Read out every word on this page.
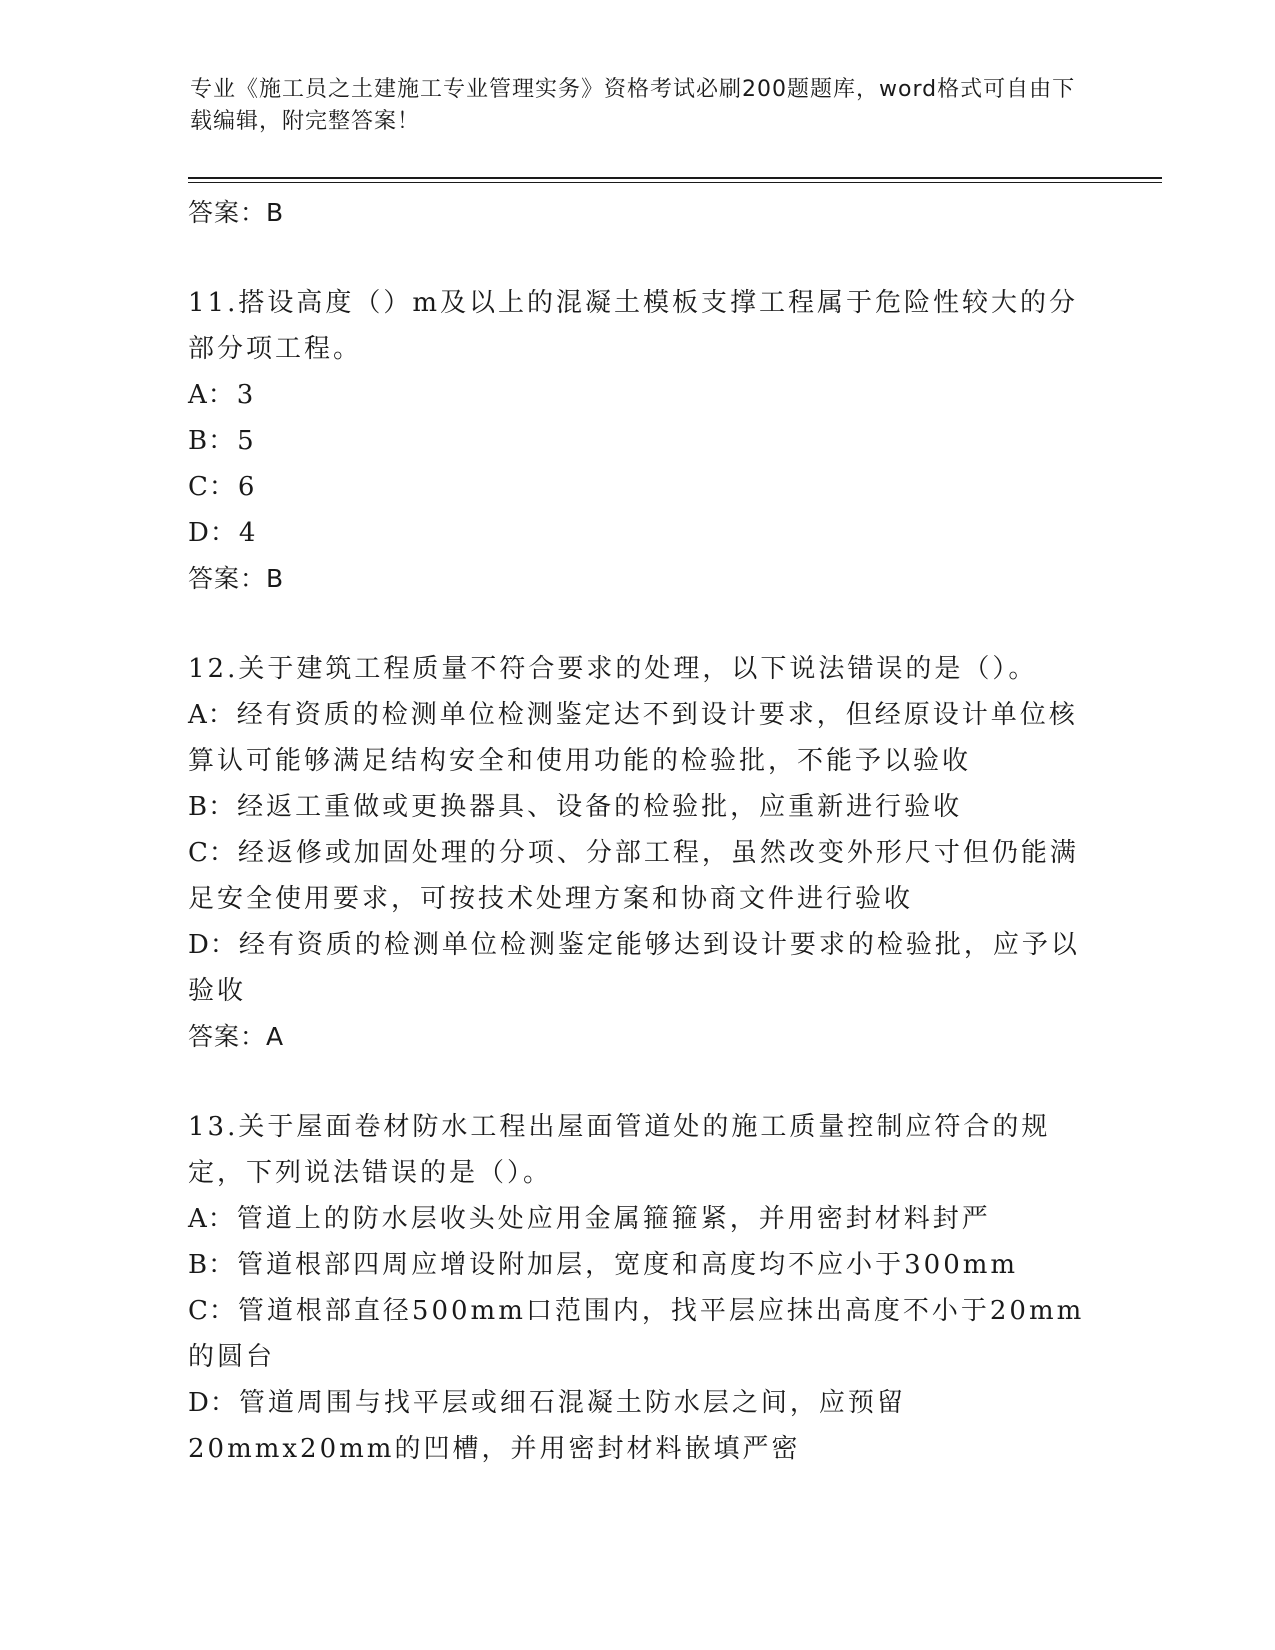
专业《施工员之土建施工专业管理实务》资格考试必刷200题题库，word格式可自由下载编辑，附完整答案！

答案：B

11.搭设高度（）m及以上的混凝土模板支撑工程属于危险性较大的分部分项工程。

A：3

B：5

C：6

D：4

答案：B

12.关于建筑工程质量不符合要求的处理，以下说法错误的是（）。

A：经有资质的检测单位检测鉴定达不到设计要求，但经原设计单位核算认可能够满足结构安全和使用功能的检验批，不能予以验收

B：经返工重做或更换器具、设备的检验批，应重新进行验收

C：经返修或加固处理的分项、分部工程，虽然改变外形尺寸但仍能满足安全使用要求，可按技术处理方案和协商文件进行验收

D：经有资质的检测单位检测鉴定能够达到设计要求的检验批，应予以验收

答案：A

13.关于屋面卷材防水工程出屋面管道处的施工质量控制应符合的规定，下列说法错误的是（）。

A：管道上的防水层收头处应用金属箍箍紧，并用密封材料封严

B：管道根部四周应增设附加层，宽度和高度均不应小于300mm

C：管道根部直径500mm口范围内，找平层应抹出高度不小于20mm的圆台

D：管道周围与找平层或细石混凝土防水层之间，应预留20mmx20mm的凹槽，并用密封材料嵌填严密
